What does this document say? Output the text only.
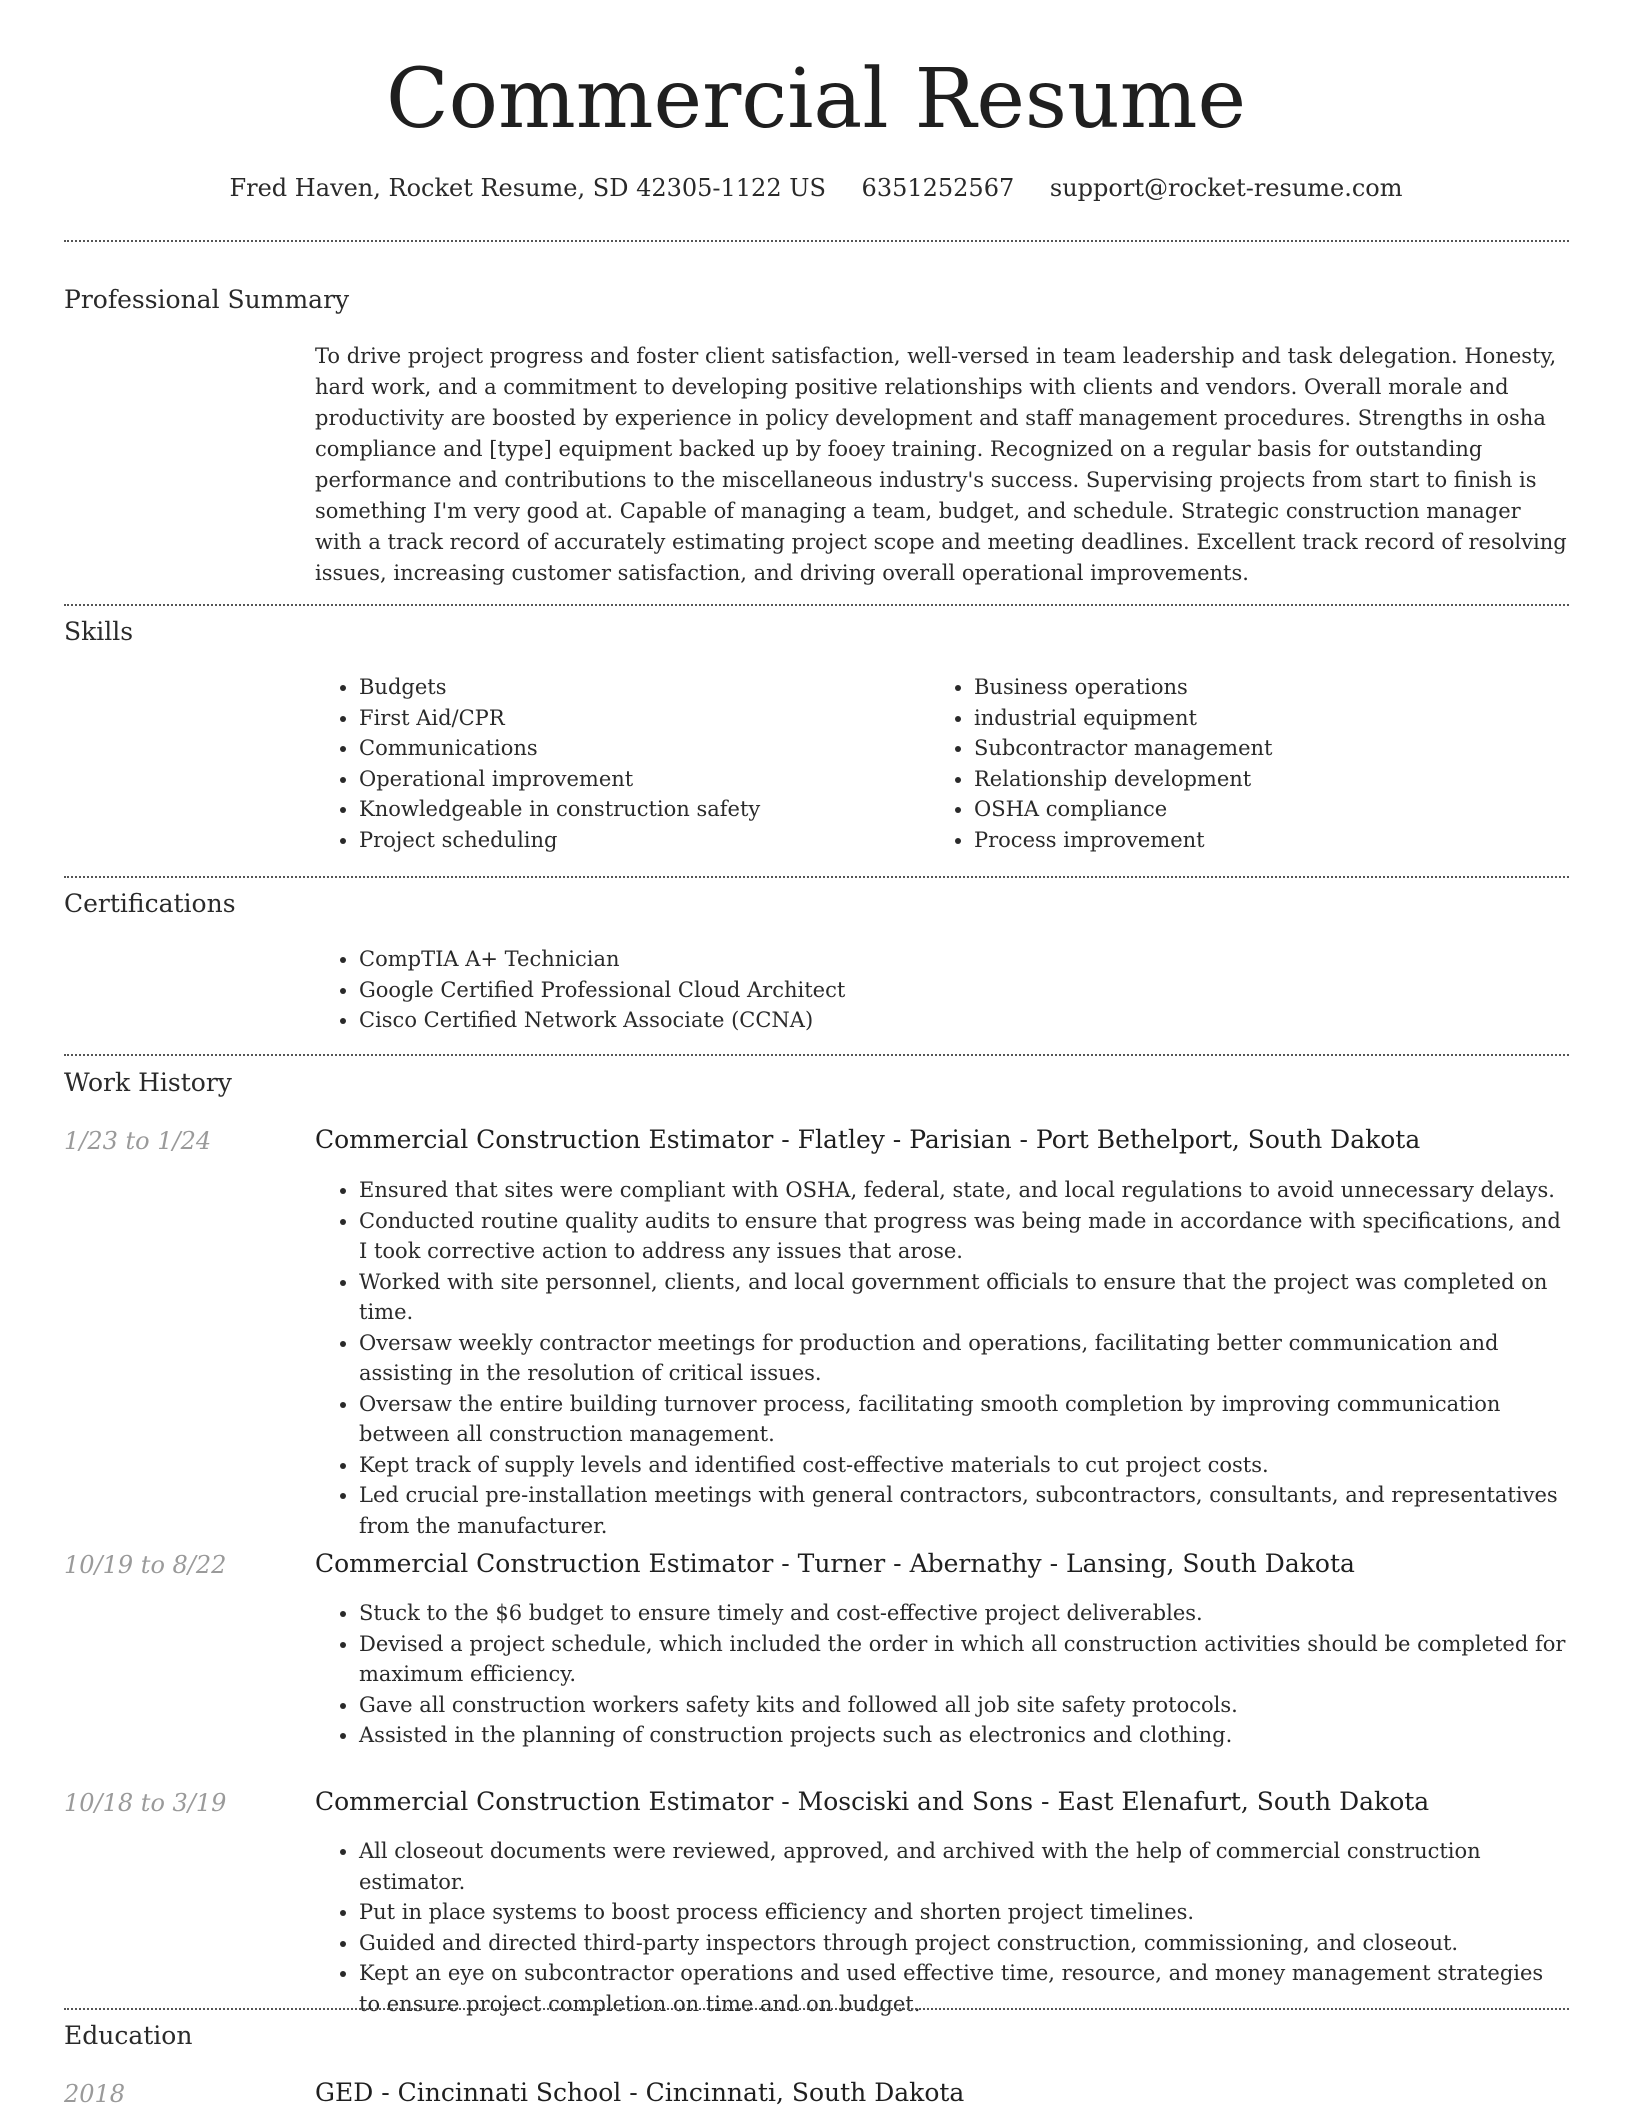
Commercial Resume
Fred Haven, Rocket Resume, SD 42305-1122 US 6351252567 support@rocket-resume.com
Professional Summary

To drive project progress and foster client satisfaction, well-versed in team leadership and task delegation. Honesty, hard work, and a commitment to developing positive relationships with clients and vendors. Overall morale and productivity are boosted by experience in policy development and staff management procedures. Strengths in osha compliance and [type] equipment backed up by fooey training. Recognized on a regular basis for outstanding performance and contributions to the miscellaneous industry's success. Supervising projects from start to finish is something I'm very good at. Capable of managing a team, budget, and schedule. Strategic construction manager with a track record of accurately estimating project scope and meeting deadlines. Excellent track record of resolving issues, increasing customer satisfaction, and driving overall operational improvements.

Skills
• Budgets
• First Aid/CPR
• Communications
• Operational improvement
• Knowledgeable in construction safety
• Project scheduling
• Business operations
• industrial equipment
• Subcontractor management
• Relationship development
• OSHA compliance
• Process improvement
Certifications
• CompTIA A+ Technician
• Google Certified Professional Cloud Architect
• Cisco Certified Network Associate (CCNA)
Work History
1/23 to 1/24	Commercial Construction Estimator - Flatley - Parisian - Port Bethelport, South Dakota
• Ensured that sites were compliant with OSHA, federal, state, and local regulations to avoid unnecessary delays.
• Conducted routine quality audits to ensure that progress was being made in accordance with specifications, and I took corrective action to address any issues that arose.
• Worked with site personnel, clients, and local government officials to ensure that the project was completed on time.
• Oversaw weekly contractor meetings for production and operations, facilitating better communication and assisting in the resolution of critical issues.
• Oversaw the entire building turnover process, facilitating smooth completion by improving communication between all construction management.
• Kept track of supply levels and identified cost-effective materials to cut project costs.
• Led crucial pre-installation meetings with general contractors, subcontractors, consultants, and representatives from the manufacturer.
10/19 to 8/22	Commercial Construction Estimator - Turner - Abernathy - Lansing, South Dakota
• Stuck to the $6 budget to ensure timely and cost-effective project deliverables.
• Devised a project schedule, which included the order in which all construction activities should be completed for maximum efficiency.
• Gave all construction workers safety kits and followed all job site safety protocols.
• Assisted in the planning of construction projects such as electronics and clothing.
10/18 to 3/19	Commercial Construction Estimator - Mosciski and Sons - East Elenafurt, South Dakota
• All closeout documents were reviewed, approved, and archived with the help of commercial construction estimator.
• Put in place systems to boost process efficiency and shorten project timelines.
• Guided and directed third-party inspectors through project construction, commissioning, and closeout.
• Kept an eye on subcontractor operations and used effective time, resource, and money management strategies to ensure project completion on time and on budget.
Education
2018	GED - Cincinnati School - Cincinnati, South Dakota
